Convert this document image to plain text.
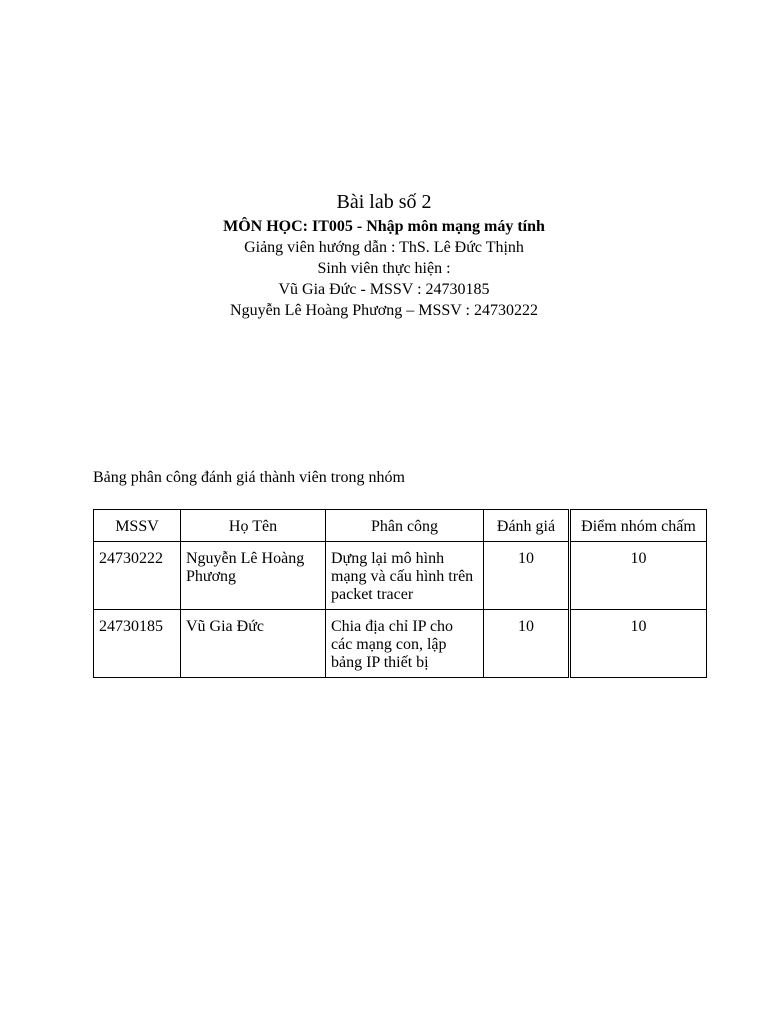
Bài lab số 2

MÔN HỌC: IT005 - Nhập môn mạng máy tính

Giảng viên hướng dẫn : ThS. Lê Đức Thịnh

Sinh viên thực hiện :

Vũ Gia Đức - MSSV : 24730185

Nguyễn Lê Hoàng Phương – MSSV : 24730222

Bảng phân công đánh giá thành viên trong nhóm

MSSV	Họ Tên	Phân công	Đánh giá	Điểm nhóm chấm
24730222	Nguyễn Lê Hoàng Phương	Dựng lại mô hình mạng và cấu hình trên packet tracer	10	10
24730185	Vũ Gia Đức	Chia địa chỉ IP cho các mạng con, lập bảng IP thiết bị	10	10
